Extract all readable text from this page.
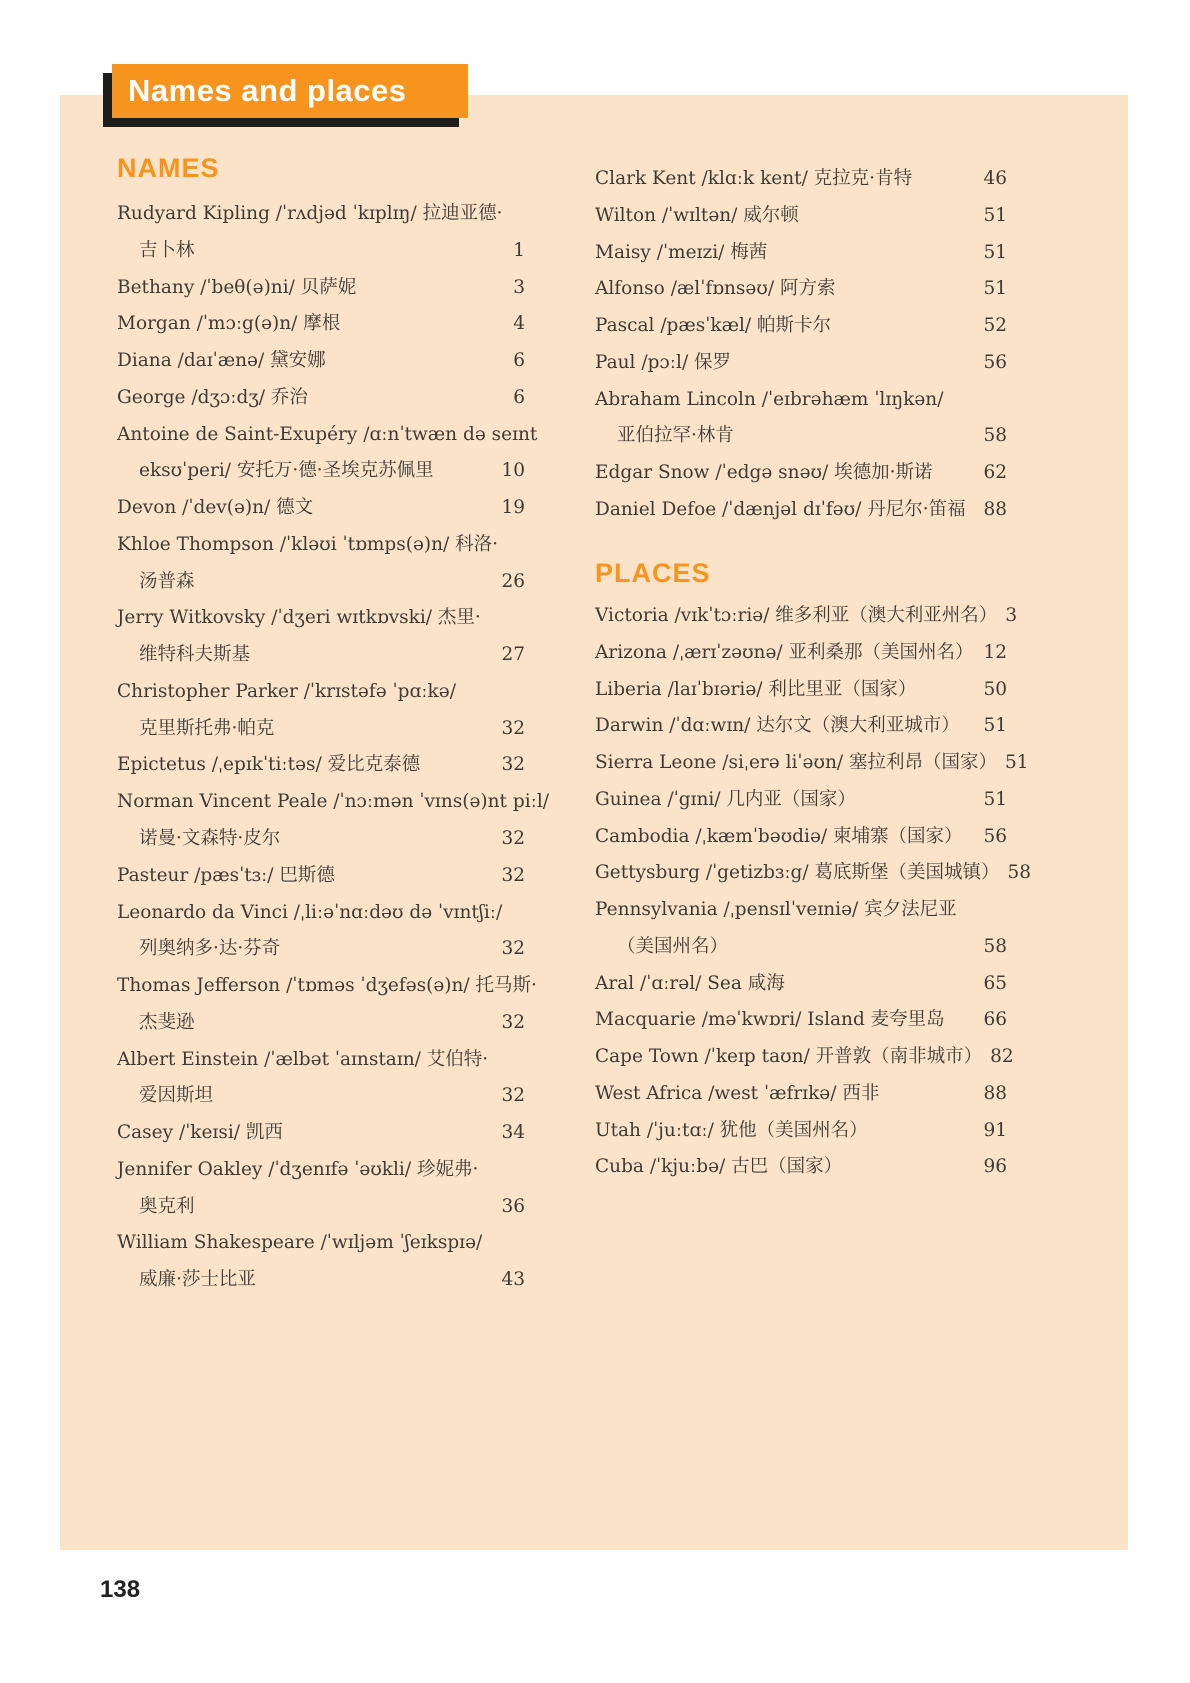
Names and places
NAMES
Rudyard Kipling /ˈrʌdjəd ˈkɪplɪŋ/ 拉迪亚德·
吉卜林	1
Bethany /ˈbeθ(ə)ni/ 贝萨妮	3
Morgan /ˈmɔːg(ə)n/ 摩根	4
Diana /daɪˈænə/ 黛安娜	6
George /dʒɔːdʒ/ 乔治	6
Antoine de Saint-Exupéry /ɑːnˈtwæn də seɪnt
eksʊˈperi/ 安托万·德·圣埃克苏佩里	10
Devon /ˈdev(ə)n/ 德文	19
Khloe Thompson /ˈkləʊi ˈtɒmps(ə)n/ 科洛·
汤普森	26
Jerry Witkovsky /ˈdʒeri wɪtkɒvski/ 杰里·
维特科夫斯基	27
Christopher Parker /ˈkrɪstəfə ˈpɑːkə/
克里斯托弗·帕克	32
Epictetus /ˌepɪkˈtiːtəs/ 爱比克泰德	32
Norman Vincent Peale /ˈnɔːmən ˈvɪns(ə)nt piːl/
诺曼·文森特·皮尔	32
Pasteur /pæsˈtɜː/ 巴斯德	32
Leonardo da Vinci /ˌliːəˈnɑːdəʊ də ˈvɪntʃiː/
列奥纳多·达·芬奇	32
Thomas Jefferson /ˈtɒməs ˈdʒefəs(ə)n/ 托马斯·
杰斐逊	32
Albert Einstein /ˈælbət ˈaɪnstaɪn/ 艾伯特·
爱因斯坦	32
Casey /ˈkeɪsi/ 凯西	34
Jennifer Oakley /ˈdʒenɪfə ˈəʊkli/ 珍妮弗·
奥克利	36
William Shakespeare /ˈwɪljəm ˈʃeɪkspɪə/
威廉·莎士比亚	43
Clark Kent /klɑːk kent/ 克拉克·肯特	46
Wilton /ˈwɪltən/ 威尔顿	51
Maisy /ˈmeɪzi/ 梅茜	51
Alfonso /ælˈfɒnsəʊ/ 阿方索	51
Pascal /pæsˈkæl/ 帕斯卡尔	52
Paul /pɔːl/ 保罗	56
Abraham Lincoln /ˈeɪbrəhæm ˈlɪŋkən/
亚伯拉罕·林肯	58
Edgar Snow /ˈedgə snəʊ/ 埃德加·斯诺	62
Daniel Defoe /ˈdænjəl dɪˈfəʊ/ 丹尼尔·笛福 88
PLACES
Victoria /vɪkˈtɔːriə/ 维多利亚（澳大利亚州名） 3
Arizona /ˌærɪˈzəʊnə/ 亚利桑那（美国州名） 12
Liberia /laɪˈbɪəriə/ 利比里亚（国家）	50
Darwin /ˈdɑːwɪn/ 达尔文（澳大利亚城市）	51
Sierra Leone /siˌerə liˈəʊn/ 塞拉利昂（国家） 51
Guinea /ˈgɪni/ 几内亚（国家）	51
Cambodia /ˌkæmˈbəʊdiə/ 柬埔寨（国家）	56
Gettysburg /ˈgetizbɜːg/ 葛底斯堡（美国城镇） 58
Pennsylvania /ˌpensɪlˈveɪniə/ 宾夕法尼亚
（美国州名）	58
Aral /ˈɑːrəl/ Sea 咸海	65
Macquarie /məˈkwɒri/ Island 麦夸里岛	66
Cape Town /ˈkeɪp taʊn/ 开普敦（南非城市） 82
West Africa /west ˈæfrɪkə/ 西非	88
Utah /ˈjuːtɑː/ 犹他（美国州名）	91
Cuba /ˈkjuːbə/ 古巴（国家）	96
138
